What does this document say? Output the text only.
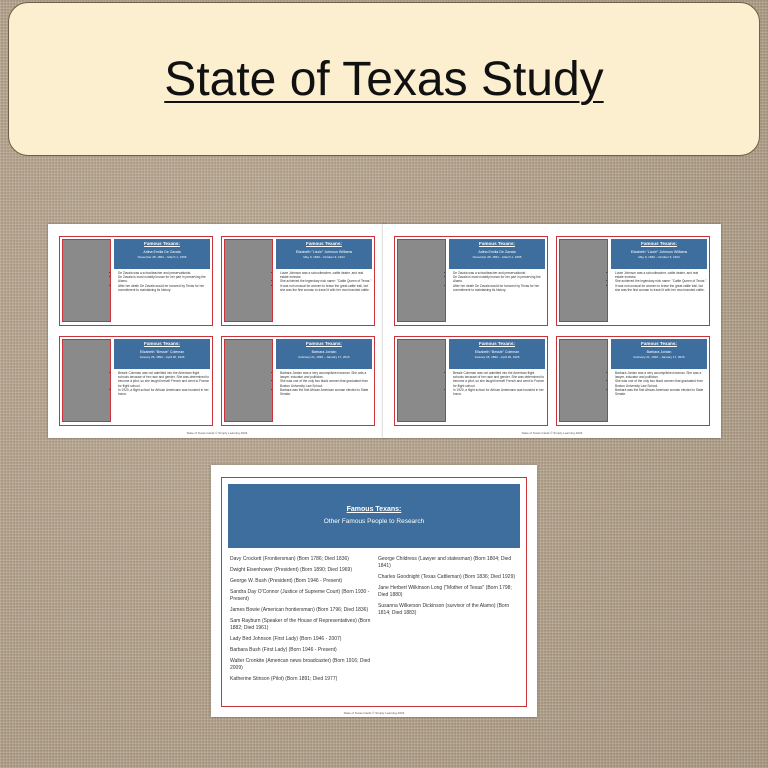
State of Texas Study
Famous Texans:
Adina Emilia De Zavala
November 28, 1861 – March 1, 1955
• De Zavala was a schoolteacher and preservationist.
• De Zavala is most notably known for her part in preserving the Alamo.
• After her death De Zavala would be honored by Texas for her commitment to maintaining its history.
Famous Texans:
Elizabeth "Lizzie" Johnson Williams
May 9, 1840 – October 9, 1924
• Lizzie Johnson was a schoolteacher, cattle dealer, and real estate investor.
• She achieved the legendary nick name: "Cattle Queen of Texas."
• It was not unusual for women to brave the great cattle trail, but she was the first woman to travel it with her own branded cattle.
Famous Texans:
Elizabeth "Bessie" Coleman
January 26, 1892 – April 30, 1926
• Bessie Coleman was not admitted into the American flight schools because of her race and gender. She was determined to become a pilot, so she taught herself French and went to France for flight school.
• In 1920, a flight school for African Americans was founded in her honor.
Famous Texans:
Barbara Jordan
February 21, 1936 – January 17, 2016
• Barbara Jordan was a very accomplished woman. She was a lawyer, educator and politician.
• She was one of the only two black women that graduated from Boston University Law School.
• Barbara was the first African American woman elected to State Senate.
State of Texas Cards © Simply Learning 2023
Famous Texans:
Adina Emilia De Zavala
November 28, 1861 – March 1, 1955
• De Zavala was a schoolteacher and preservationist.
• De Zavala is most notably known for her part in preserving the Alamo.
• After her death De Zavala would be honored by Texas for her commitment to maintaining its history.
Famous Texans:
Elizabeth "Lizzie" Johnson Williams
May 9, 1840 – October 9, 1924
• Lizzie Johnson was a schoolteacher, cattle dealer, and real estate investor.
• She achieved the legendary nick name: "Cattle Queen of Texas."
• It was not unusual for women to brave the great cattle trail, but she was the first woman to travel it with her own branded cattle.
Famous Texans:
Elizabeth "Bessie" Coleman
January 26, 1892 – April 30, 1926
• Bessie Coleman was not admitted into the American flight schools because of her race and gender. She was determined to become a pilot, so she taught herself French and went to France for flight school.
• In 1920, a flight school for African Americans was founded in her honor.
Famous Texans:
Barbara Jordan
February 21, 1936 – January 17, 2016
• Barbara Jordan was a very accomplished woman. She was a lawyer, educator and politician.
• She was one of the only two black women that graduated from Boston University Law School.
• Barbara was the first African American woman elected to State Senate.
State of Texas Cards © Simply Learning 2023
Famous Texans:
Other Famous People to Research
Davy Crockett (Frontiersman) (Born 1786; Died 1836)
Dwight Eisenhower (President) (Born 1890; Died 1969)
George W. Bush (President) (Born 1946 - Present)
Sandra Day O'Connor (Justice of Supreme Court) (Born 1930 - Present)
James Bowie (American frontiersman) (Born 1796; Died 1836)
Sam Rayburn (Speaker of the House of Representatives) (Born 1882; Died 1961)
Lady Bird Johnson (First Lady) (Born 1946 - 2007)
Barbara Bush (First Lady) (Born 1946 - Present)
Walter Cronkite (American news broadcaster) (Born 1916; Died 2009)
Katherine Stinson (Pilot) (Born 1891; Died 1977)
George Childress (Lawyer and statesman) (Born 1804; Died 1841)
Charles Goodnight (Texas Cattleman) (Born 1836; Died 1929)
Jane Herbert Wilkinson Long ("Mother of Texas" (Born 1798; Died 1880)
Susanna Wilkerson Dickinson (survivor of the Alamo) (Born 1814; Died 1883)
State of Texas Cards © Simply Learning 2023
